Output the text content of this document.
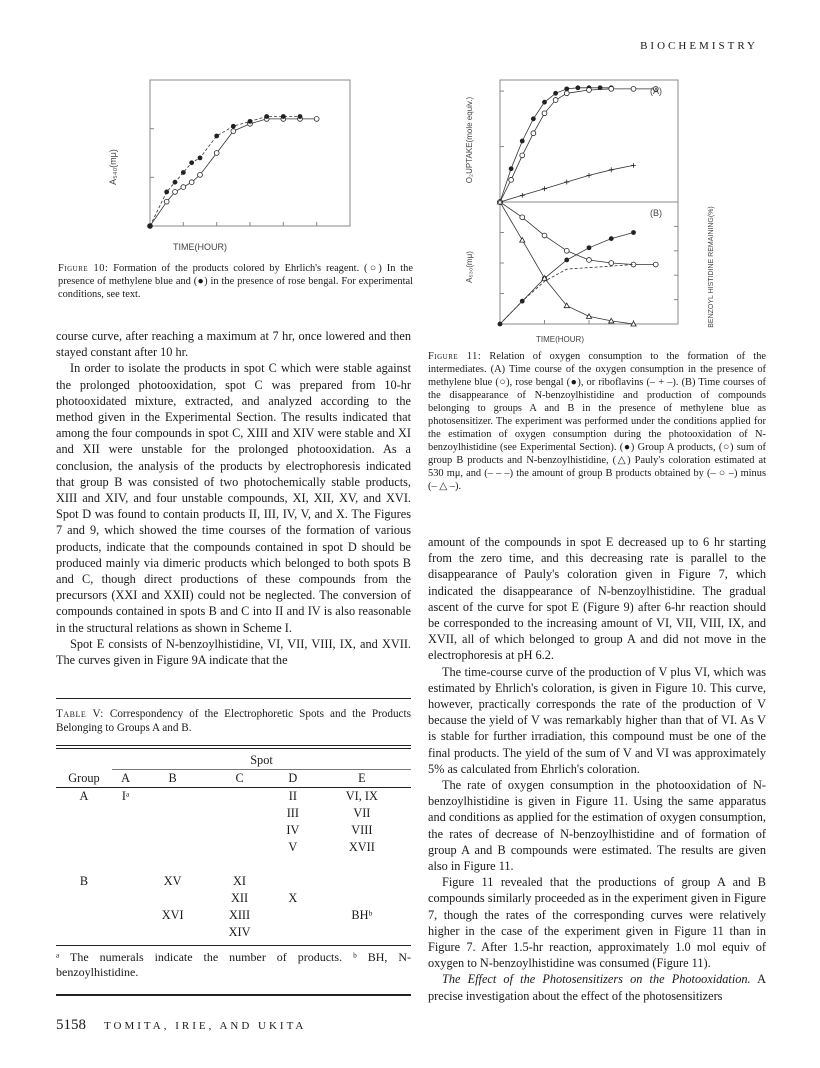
BIOCHEMISTRY
A₅₄₀(mμ)
TIME(HOUR)

Figure 10: Formation of the products colored by Ehrlich's reagent. (○) In the presence of methylene blue and (●) in the presence of rose bengal. For experimental conditions, see text.

course curve, after reaching a maximum at 7 hr, once lowered and then stayed constant after 10 hr.

In order to isolate the products in spot C which were stable against the prolonged photooxidation, spot C was prepared from 10-hr photooxidated mixture, extracted, and analyzed according to the method given in the Experimental Section. The results indicated that among the four compounds in spot C, XIII and XIV were stable and XI and XII were unstable for the prolonged photooxidation. As a conclusion, the analysis of the products by electrophoresis indicated that group B was consisted of two photochemically stable products, XIII and XIV, and four unstable compounds, XI, XII, XV, and XVI. Spot D was found to contain products II, III, IV, V, and X. The Figures 7 and 9, which showed the time courses of the formation of various products, indicate that the compounds contained in spot D should be produced mainly via dimeric products which belonged to both spots B and C, though direct productions of these compounds from the precursors (XXI and XXII) could not be neglected. The conversion of compounds contained in spots B and C into II and IV is also reasonable in the structural relations as shown in Scheme I.

Spot E consists of N-benzoylhistidine, VI, VII, VIII, IX, and XVII. The curves given in Figure 9A indicate that the

Table V: Correspondency of the Electrophoretic Spots and the Products Belonging to Groups A and B.

	Spot				
Group	A	B	C	D	E
A	Iᵃ			II	VI, IX
				III	VII
				IV	VIII
				V	XVII

B		XV	XI		
			XII	X	
		XVI	XIII		BHᵇ
			XIV		

ᵃ The numerals indicate the number of products. ᵇ BH, N-benzoylhistidine.

(A)
(B)
O₂UPTAKE(mole equiv.)
A₅₃₀(mμ)	BENZOYL HISTIDINE REMAINING(%)
TIME(HOUR)

Figure 11: Relation of oxygen consumption to the formation of the intermediates. (A) Time course of the oxygen consumption in the presence of methylene blue (○), rose bengal (●), or riboflavins (– + –). (B) Time courses of the disappearance of N-benzoylhistidine and production of compounds belonging to groups A and B in the presence of methylene blue as photosensitizer. The experiment was performed under the conditions applied for the estimation of oxygen consumption during the photooxidation of N-benzoylhistidine (see Experimental Section). (●) Group A products, (○) sum of group B products and N-benzoylhistidine, (△) Pauly's coloration estimated at 530 mμ, and (– – –) the amount of group B products obtained by (– ○ –) minus (– △ –).

amount of the compounds in spot E decreased up to 6 hr starting from the zero time, and this decreasing rate is parallel to the disappearance of Pauly's coloration given in Figure 7, which indicated the disappearance of N-benzoylhistidine. The gradual ascent of the curve for spot E (Figure 9) after 6-hr reaction should be corresponded to the increasing amount of VI, VII, VIII, IX, and XVII, all of which belonged to group A and did not move in the electrophoresis at pH 6.2.

The time-course curve of the production of V plus VI, which was estimated by Ehrlich's coloration, is given in Figure 10. This curve, however, practically corresponds the rate of the production of V because the yield of V was remarkably higher than that of VI. As V is stable for further irradiation, this compound must be one of the final products. The yield of the sum of V and VI was approximately 5% as calculated from Ehrlich's coloration.

The rate of oxygen consumption in the photooxidation of N-benzoylhistidine is given in Figure 11. Using the same apparatus and conditions as applied for the estimation of oxygen consumption, the rates of decrease of N-benzoylhistidine and of formation of group A and B compounds were estimated. The results are given also in Figure 11.

Figure 11 revealed that the productions of group A and B compounds similarly proceeded as in the experiment given in Figure 7, though the rates of the corresponding curves were relatively higher in the case of the experiment given in Figure 11 than in Figure 7. After 1.5-hr reaction, approximately 1.0 mol equiv of oxygen to N-benzoylhistidine was consumed (Figure 11).

The Effect of the Photosensitizers on the Photooxidation. A precise investigation about the effect of the photosensitizers

5158 TOMITA, IRIE, AND UKITA
